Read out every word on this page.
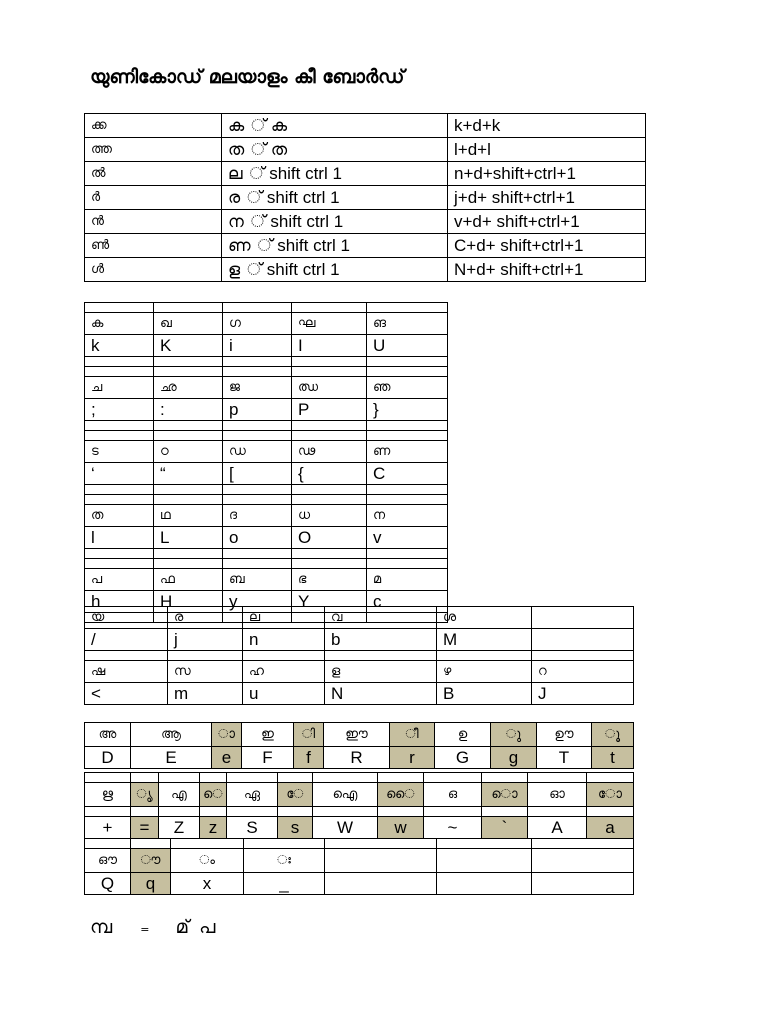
യുണികോഡ് മലയാളം കീ ബോർഡ്
ക്ക	ക ് ക	k+d+k
ത്ത	ത ് ത	l+d+l
ൽ	ല ് shift ctrl 1	n+d+shift+ctrl+1
ർ	ര ് shift ctrl 1	j+d+ shift+ctrl+1
ൻ	ന ് shift ctrl 1	v+d+ shift+ctrl+1
ൺ	ണ ് shift ctrl 1	C+d+ shift+ctrl+1
ൾ	ള ് shift ctrl 1	N+d+ shift+ctrl+1

ക	ഖ	ഗ	ഘ	ങ
k	K	i	I	U

ച	ഛ	ജ	ഝ	ഞ
;	:	p	P	}

ട	ഠ	ഡ	ഢ	ണ
‘	“	[	{	C

ത	ഥ	ദ	ധ	ന
l	L	o	O	v

പ	ഫ	ബ	ഭ	മ
h	H	y	Y	c

യ	ര	ല	വ	ശ	
/	j	n	b	M	

ഷ	സ	ഹ	ള	ഴ	റ
<	m	u	N	B	J
അ	ആ	ാ	ഇ	ി	ഈ	ീ	ഉ	ു	ഊ	ൂ
D	E	e	F	f	R	r	G	g	T	t

ഋ	ൃ	എ	െ	ഏ	േ	ഐ	ൈ	ഒ	ൊ	ഓ	ോ

+	=	Z	z	S	s	W	w	~	`	A	a

ഔ	ൗ	ം	ഃ			
Q	q	x	_			
മ്പ	= മ് പ
